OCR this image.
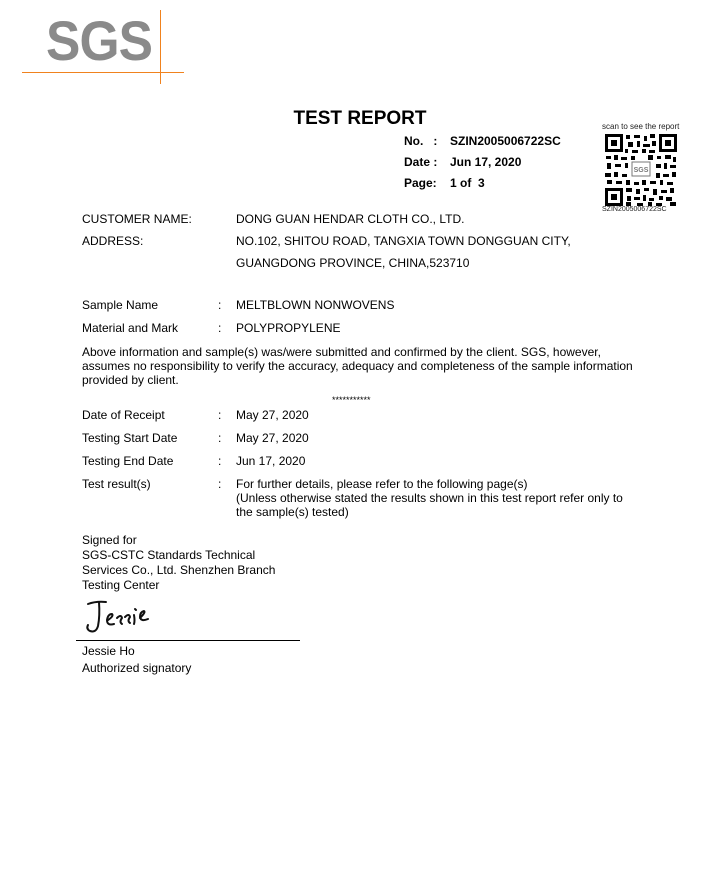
SGS
TEST REPORT
No.   : SZIN2005006722SC
Date : Jun 17, 2020
Page: 1 of  3
scan to see the report
SGS
SZIN2005006722SC
CUSTOMER NAME:	DONG GUAN HENDAR CLOTH CO., LTD.
ADDRESS:	NO.102, SHITOU ROAD, TANGXIA TOWN DONGGUAN CITY,
GUANGDONG PROVINCE, CHINA,523710
Sample Name	: MELTBLOWN NONWOVENS
Material and Mark	: POLYPROPYLENE
Above information and sample(s) was/were submitted and confirmed by the client. SGS, however, assumes no responsibility to verify the accuracy, adequacy and completeness of the sample information provided by client.
***********
Date of Receipt	: May 27, 2020
Testing Start Date	: May 27, 2020
Testing End Date	: Jun 17, 2020
Test result(s)	: For further details, please refer to the following page(s)
(Unless otherwise stated the results shown in this test report refer only to
the sample(s) tested)
Signed for
SGS-CSTC Standards Technical
Services Co., Ltd. Shenzhen Branch
Testing Center
Jessie Ho
Authorized signatory
